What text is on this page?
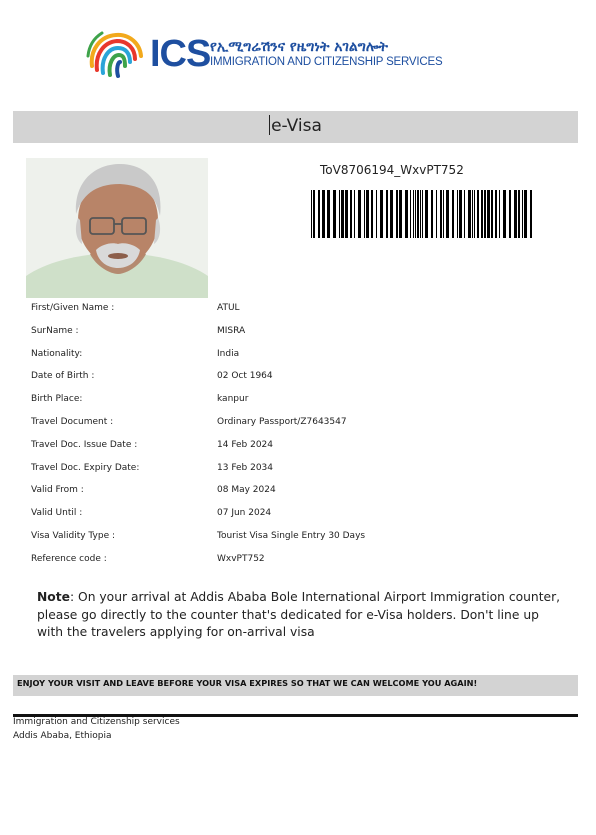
ICS የኢሚግሬሽንና የዜግነት አገልግሎት
IMMIGRATION AND CITIZENSHIP SERVICES
e-Visa
ToV8706194_WxvPT752
First/Given Name :	ATUL
SurName :	MISRA
Nationality:	India
Date of Birth :	02 Oct 1964
Birth Place:	kanpur
Travel Document :	Ordinary Passport/Z7643547
Travel Doc. Issue Date :	14 Feb 2024
Travel Doc. Expiry Date:	13 Feb 2034
Valid From :	08 May 2024
Valid Until :	07 Jun 2024
Visa Validity Type :	Tourist Visa Single Entry 30 Days
Reference code :	WxvPT752
Note: On your arrival at Addis Ababa Bole International Airport Immigration counter, please go directly to the counter that's dedicated for e-Visa holders. Don't line up with the travelers applying for on-arrival visa
ENJOY YOUR VISIT AND LEAVE BEFORE YOUR VISA EXPIRES SO THAT WE CAN WELCOME YOU AGAIN!
Immigration and Citizenship services
Addis Ababa, Ethiopia
